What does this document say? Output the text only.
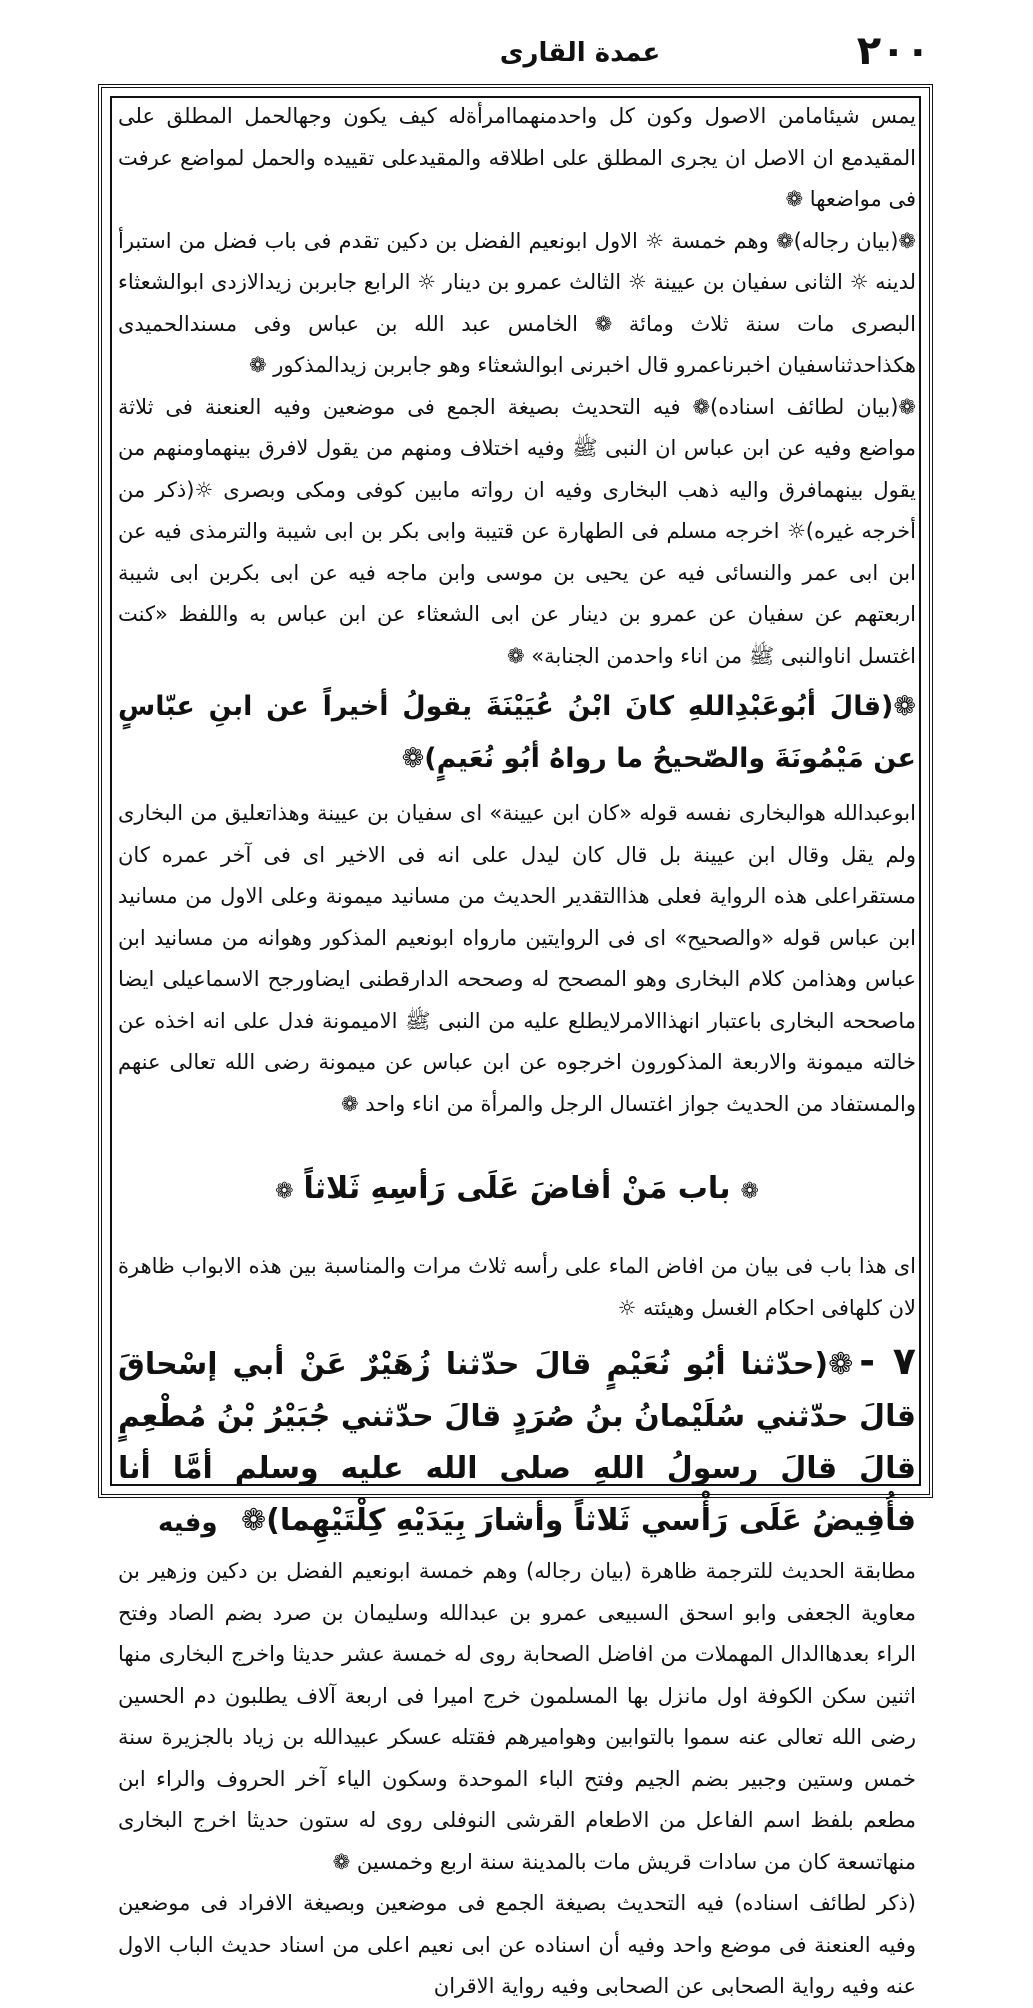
۲۰۰
عمدة القارى

يمس شيئامامن الاصول وكون كل واحدمنهماامرأةله كيف يكون وجهالحمل المطلق على المقيدمع ان الاصل ان يجرى المطلق على اطلاقه والمقيدعلى تقييده والحمل لمواضع عرفت فى مواضعها ❁

❁(بيان رجاله)❁ وهم خمسة ☼ الاول ابونعيم الفضل بن دكين تقدم فى باب فضل من استبرأ لدينه ☼ الثانى سفيان بن عيينة ☼ الثالث عمرو بن دينار ☼ الرابع جابربن زيدالازدى ابوالشعثاء البصرى مات سنة ثلاث ومائة ❁ الخامس عبد الله بن عباس وفى مسندالحميدى هكذاحدثناسفيان اخبرناعمرو قال اخبرنى ابوالشعثاء وهو جابربن زيدالمذكور ❁

❁(بيان لطائف اسناده)❁ فيه التحديث بصيغة الجمع فى موضعين وفيه العنعنة فى ثلاثة مواضع وفيه عن ابن عباس ان النبى ﷺ وفيه اختلاف ومنهم من يقول لافرق بينهماومنهم من يقول بينهمافرق واليه ذهب البخارى وفيه ان رواته مابين كوفى ومكى وبصرى ☼(ذكر من أخرجه غيره)☼ اخرجه مسلم فى الطهارة عن قتيبة وابى بكر بن ابى شيبة والترمذى فيه عن ابن ابى عمر والنسائى فيه عن يحيى بن موسى وابن ماجه فيه عن ابى بكربن ابى شيبة اربعتهم عن سفيان عن عمرو بن دينار عن ابى الشعثاء عن ابن عباس به واللفظ «كنت اغتسل اناوالنبى ﷺ من اناء واحدمن الجنابة» ❁

❁(قالَ أبُوعَبْدِاللهِ كانَ ابْنُ عُيَيْنَةَ يقولُ أخيراً عن ابنِ عبّاسٍ عن مَيْمُونَةَ والصّحيحُ ما رواهُ أبُو نُعَيمٍ)❁

ابوعبدالله هوالبخارى نفسه قوله «كان ابن عيينة» اى سفيان بن عيينة وهذاتعليق من البخارى ولم يقل وقال ابن عيينة بل قال كان ليدل على انه فى الاخير اى فى آخر عمره كان مستقراعلى هذه الرواية فعلى هذاالتقدير الحديث من مسانيد ميمونة وعلى الاول من مسانيد ابن عباس قوله «والصحيح» اى فى الروايتين مارواه ابونعيم المذكور وهوانه من مسانيد ابن عباس وهذامن كلام البخارى وهو المصحح له وصححه الدارقطنى ايضاورجح الاسماعيلى ايضا ماصححه البخارى باعتبار انهذاالامرلايطلع عليه من النبى ﷺ الاميمونة فدل على انه اخذه عن خالته ميمونة والاربعة المذكورون اخرجوه عن ابن عباس عن ميمونة رضى الله تعالى عنهم والمستفاد من الحديث جواز اغتسال الرجل والمرأة من اناء واحد ❁

❁باب مَنْ أفاضَ عَلَى رَأسِهِ ثَلاثاً❁

اى هذا باب فى بيان من افاض الماء على رأسه ثلاث مرات والمناسبة بين هذه الابواب ظاهرة لان كلهافى احكام الغسل وهيئته ☼

٧ -❁(حدّثنا أبُو نُعَيْمٍ قالَ حدّثنا زُهَيْرٌ عَنْ أبي إسْحاقَ قالَ حدّثني سُلَيْمانُ بنُ صُرَدٍ قالَ حدّثني جُبَيْرُ بْنُ مُطْعِمٍ قالَ قالَ رسولُ اللهِ صلى الله عليه وسلم أمَّا أنا فأُفِيضُ عَلَى رَأْسي ثَلاثاً وأشارَ بِيَدَيْهِ كِلْتَيْهِما)❁

مطابقة الحديث للترجمة ظاهرة (بيان رجاله) وهم خمسة ابونعيم الفضل بن دكين وزهير بن معاوية الجعفى وابو اسحق السبيعى عمرو بن عبدالله وسليمان بن صرد بضم الصاد وفتح الراء بعدهاالدال المهملات من افاضل الصحابة روى له خمسة عشر حديثا واخرج البخارى منها اثنين سكن الكوفة اول مانزل بها المسلمون خرج اميرا فى اربعة آلاف يطلبون دم الحسين رضى الله تعالى عنه سموا بالتوابين وهواميرهم فقتله عسكر عبيدالله بن زياد بالجزيرة سنة خمس وستين وجبير بضم الجيم وفتح الباء الموحدة وسكون الياء آخر الحروف والراء ابن مطعم بلفظ اسم الفاعل من الاطعام القرشى النوفلى روى له ستون حديثا اخرج البخارى منهاتسعة كان من سادات قريش مات بالمدينة سنة اربع وخمسين ❁

(ذكر لطائف اسناده) فيه التحديث بصيغة الجمع فى موضعين وبصيغة الافراد فى موضعين وفيه العنعنة فى موضع واحد وفيه أن اسناده عن ابى نعيم اعلى من اسناد حديث الباب الاول عنه وفيه رواية الصحابى عن الصحابى وفيه رواية الاقران

وفيه
